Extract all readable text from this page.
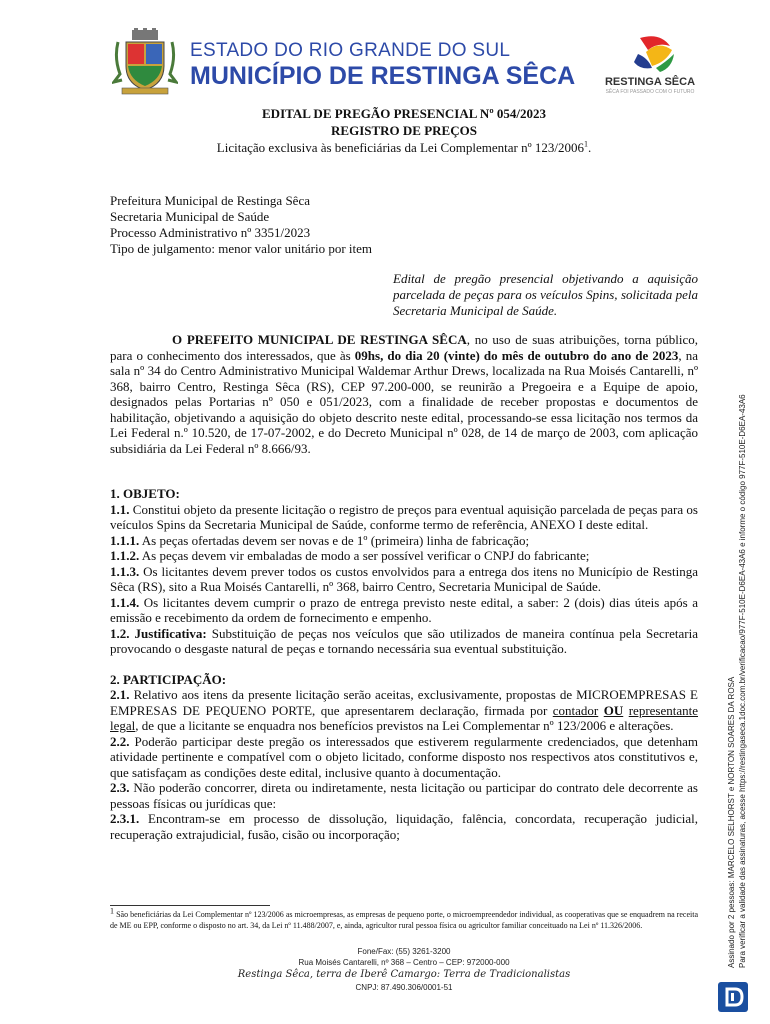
ESTADO DO RIO GRANDE DO SUL
MUNICÍPIO DE RESTINGA SÊCA	RESTINGA SÊCA
SÊCA FOI PASSADO COM O FUTURO
EDITAL DE PREGÃO PRESENCIAL Nº 054/2023
REGISTRO DE PREÇOS
Licitação exclusiva às beneficiárias da Lei Complementar nº 123/2006$^1$.
Prefeitura Municipal de Restinga Sêca
Secretaria Municipal de Saúde
Processo Administrativo nº 3351/2023
Tipo de julgamento: menor valor unitário por item
Edital de pregão presencial objetivando a aquisição parcelada de peças para os veículos Spins, solicitada pela Secretaria Municipal de Saúde.

O PREFEITO MUNICIPAL DE RESTINGA SÊCA, no uso de suas atribuições, torna público, para o conhecimento dos interessados, que às 09hs, do dia 20 (vinte) do mês de outubro do ano de 2023, na sala nº 34 do Centro Administrativo Municipal Waldemar Arthur Drews, localizada na Rua Moisés Cantarelli, nº 368, bairro Centro, Restinga Sêca (RS), CEP 97.200-000, se reunirão a Pregoeira e a Equipe de apoio, designados pelas Portarias nº 050 e 051/2023, com a finalidade de receber propostas e documentos de habilitação, objetivando a aquisição do objeto descrito neste edital, processando-se essa licitação nos termos da Lei Federal n.º 10.520, de 17-07-2002, e do Decreto Municipal nº 028, de 14 de março de 2003, com aplicação subsidiária da Lei Federal nº 8.666/93.

1. OBJETO:

1.1. Constitui objeto da presente licitação o registro de preços para eventual aquisição parcelada de peças para os veículos Spins da Secretaria Municipal de Saúde, conforme termo de referência, ANEXO I deste edital.

1.1.1. As peças ofertadas devem ser novas e de 1º (primeira) linha de fabricação;

1.1.2. As peças devem vir embaladas de modo a ser possível verificar o CNPJ do fabricante;

1.1.3. Os licitantes devem prever todos os custos envolvidos para a entrega dos itens no Município de Restinga Sêca (RS), sito a Rua Moisés Cantarelli, nº 368, bairro Centro, Secretaria Municipal de Saúde.

1.1.4. Os licitantes devem cumprir o prazo de entrega previsto neste edital, a saber: 2 (dois) dias úteis após a emissão e recebimento da ordem de fornecimento e empenho.

1.2. Justificativa: Substituição de peças nos veículos que são utilizados de maneira contínua pela Secretaria provocando o desgaste natural de peças e tornando necessária sua eventual substituição.

2. PARTICIPAÇÃO:

2.1. Relativo aos itens da presente licitação serão aceitas, exclusivamente, propostas de MICROEMPRESAS E EMPRESAS DE PEQUENO PORTE, que apresentarem declaração, firmada por contador OU representante legal, de que a licitante se enquadra nos benefícios previstos na Lei Complementar nº 123/2006 e alterações.

2.2. Poderão participar deste pregão os interessados que estiverem regularmente credenciados, que detenham atividade pertinente e compatível com o objeto licitado, conforme disposto nos respectivos atos constitutivos e, que satisfaçam as condições deste edital, inclusive quanto à documentação.

2.3. Não poderão concorrer, direta ou indiretamente, nesta licitação ou participar do contrato dele decorrente as pessoas físicas ou jurídicas que:

2.3.1. Encontram-se em processo de dissolução, liquidação, falência, concordata, recuperação judicial, recuperação extrajudicial, fusão, cisão ou incorporação;

$^1$ São beneficiárias da Lei Complementar nº 123/2006 as microempresas, as empresas de pequeno porte, o microempreendedor individual, as cooperativas que se enquadrem na receita de ME ou EPP, conforme o disposto no art. 34, da Lei nº 11.488/2007, e, ainda, agricultor rural pessoa física ou agricultor familiar conceituado na Lei nº 11.326/2006.
Fone/Fax: (55) 3261-3200
Rua Moisés Cantarelli, nº 368 – Centro – CEP: 972000-000
Restinga Sêca, terra de Iberê Camargo: Terra de Tradicionalistas
CNPJ: 87.490.306/0001-51
Assinado por 2 pessoas: MARCELO SELHORST e NORTON SOARES DA ROSA Para verificar a validade das assinaturas, acesse https://restingaseca.1doc.com.br/verificacao/977F-510E-D6EA-43A6 e informe o código 977F-510E-D6EA-43A6
